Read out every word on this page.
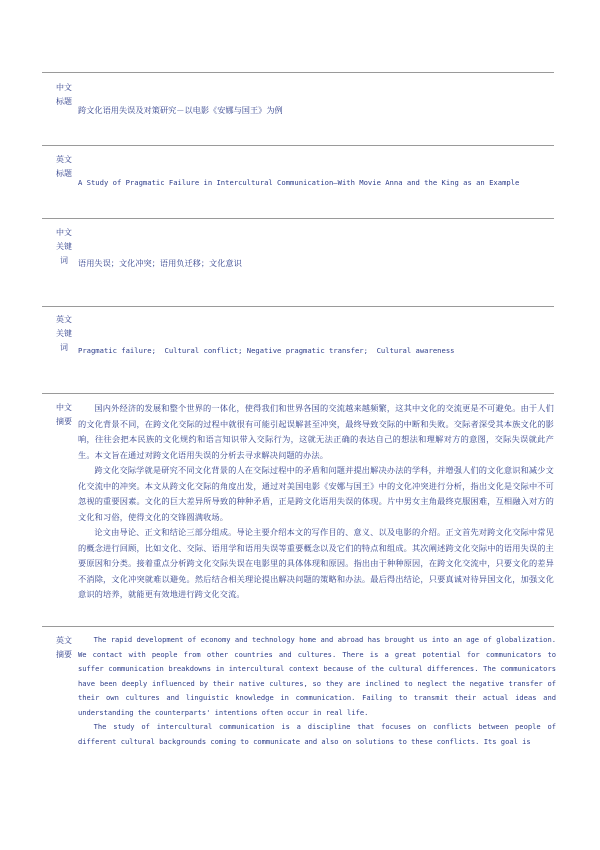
中文标题
跨文化语用失误及对策研究－以电影《安娜与国王》为例
英文标题
A Study of Pragmatic Failure in Intercultural Communication—With Movie Anna and the King as an Example
中文关键词	语用失误；文化冲突；语用负迁移；文化意识
英文关键词	Pragmatic failure;  Cultural conflict; Negative pragmatic transfer;  Cultural awareness
中文摘要

国内外经济的发展和整个世界的一体化，使得我们和世界各国的交流越来越频繁，这其中文化的交流更是不可避免。由于人们的文化背景不同，在跨文化交际的过程中就很有可能引起误解甚至冲突，最终导致交际的中断和失败。交际者深受其本族文化的影响，往往会把本民族的文化规约和语言知识带入交际行为，这就无法正确的表达自己的想法和理解对方的意图，交际失误就此产生。本文旨在通过对跨文化语用失误的分析去寻求解决问题的办法。

跨文化交际学就是研究不同文化背景的人在交际过程中的矛盾和问题并提出解决办法的学科，并增强人们的文化意识和减少文化交流中的冲突。本文从跨文化交际的角度出发，通过对美国电影《安娜与国王》中的文化冲突进行分析，指出文化是交际中不可忽视的重要因素。文化的巨大差异所导致的种种矛盾，正是跨文化语用失误的体现。片中男女主角最终克服困难，互相融入对方的文化和习俗，使得文化的交锋圆满收场。

论文由导论、正文和结论三部分组成。导论主要介绍本文的写作目的、意义、以及电影的介绍。正文首先对跨文化交际中常见的概念进行回顾，比如文化、交际、语用学和语用失误等重要概念以及它们的特点和组成。其次阐述跨文化交际中的语用失误的主要原因和分类。接着重点分析跨文化交际失误在电影里的具体体现和原因。指出由于种种原因，在跨文化交流中，只要文化的差异不消除，文化冲突就难以避免。然后结合相关理论提出解决问题的策略和办法。最后得出结论，只要真诚对待异国文化，加强文化意识的培养，就能更有效地进行跨文化交流。

英文摘要

The rapid development of economy and technology home and abroad has brought us into an age of globalization. We contact with people from other countries and cultures. There is a great potential for communicators to suffer communication breakdowns in intercultural context because of the cultural differences. The communicators have been deeply influenced by their native cultures, so they are inclined to neglect the negative transfer of their own cultures and linguistic knowledge in communication. Failing to transmit their actual ideas and understanding the counterparts' intentions often occur in real life.

The study of intercultural communication is a discipline that focuses on conflicts between people of different cultural backgrounds coming to communicate and also on solutions to these conflicts. Its goal is
